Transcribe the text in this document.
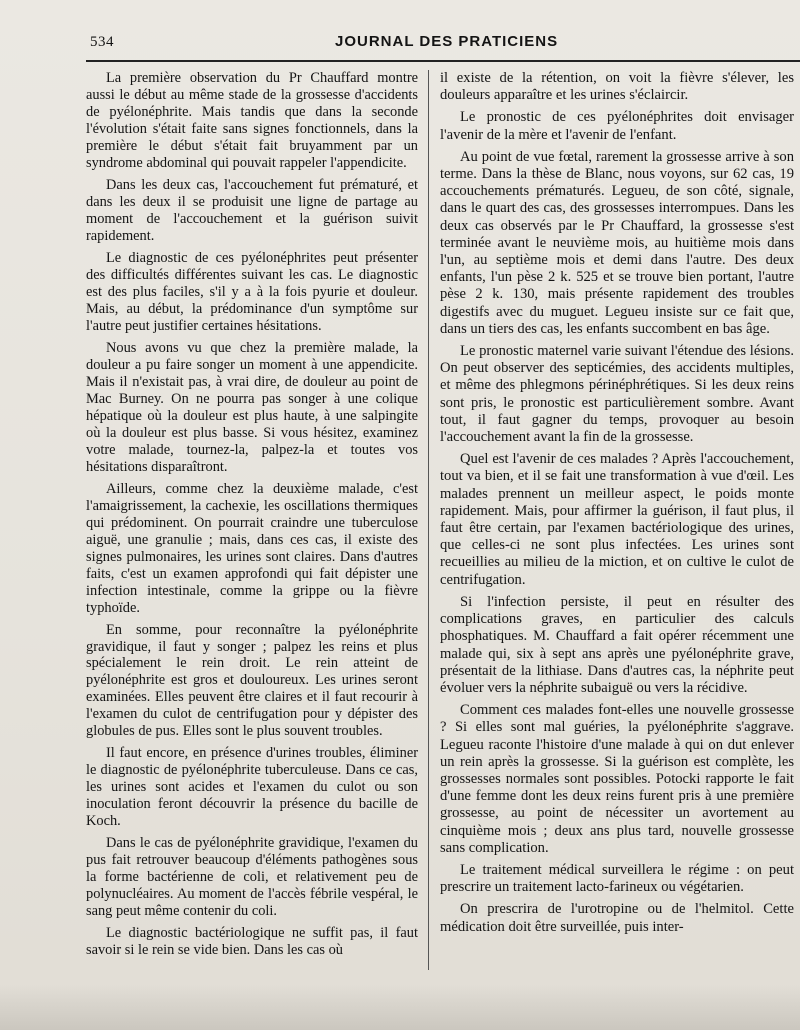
534	JOURNAL DES PRATICIENS

La première observation du Pr Chauffard montre aussi le début au même stade de la grossesse d'accidents de pyélonéphrite. Mais tandis que dans la seconde l'évolution s'était faite sans signes fonctionnels, dans la première le début s'était fait bruyamment par un syndrome abdominal qui pouvait rappeler l'appendicite.

Dans les deux cas, l'accouchement fut prématuré, et dans les deux il se produisit une ligne de partage au moment de l'accouchement et la guérison suivit rapidement.

Le diagnostic de ces pyélonéphrites peut présenter des difficultés différentes suivant les cas. Le diagnostic est des plus faciles, s'il y a à la fois pyurie et douleur. Mais, au début, la prédominance d'un symptôme sur l'autre peut justifier certaines hésitations.

Nous avons vu que chez la première malade, la douleur a pu faire songer un moment à une appendicite. Mais il n'existait pas, à vrai dire, de douleur au point de Mac Burney. On ne pourra pas songer à une colique hépatique où la douleur est plus haute, à une salpingite où la douleur est plus basse. Si vous hésitez, examinez votre malade, tournez-la, palpez-la et toutes vos hésitations disparaîtront.

Ailleurs, comme chez la deuxième malade, c'est l'amaigrissement, la cachexie, les oscillations thermiques qui prédominent. On pourrait craindre une tuberculose aiguë, une granulie ; mais, dans ces cas, il existe des signes pulmonaires, les urines sont claires. Dans d'autres faits, c'est un examen approfondi qui fait dépister une infection intestinale, comme la grippe ou la fièvre typhoïde.

En somme, pour reconnaître la pyélonéphrite gravidique, il faut y songer ; palpez les reins et plus spécialement le rein droit. Le rein atteint de pyélonéphrite est gros et douloureux. Les urines seront examinées. Elles peuvent être claires et il faut recourir à l'examen du culot de centrifugation pour y dépister des globules de pus. Elles sont le plus souvent troubles.

Il faut encore, en présence d'urines troubles, éliminer le diagnostic de pyélonéphrite tuberculeuse. Dans ce cas, les urines sont acides et l'examen du culot ou son inoculation feront découvrir la présence du bacille de Koch.

Dans le cas de pyélonéphrite gravidique, l'examen du pus fait retrouver beaucoup d'éléments pathogènes sous la forme bactérienne de coli, et relativement peu de polynucléaires. Au moment de l'accès fébrile vespéral, le sang peut même contenir du coli.

Le diagnostic bactériologique ne suffit pas, il faut savoir si le rein se vide bien. Dans les cas où

il existe de la rétention, on voit la fièvre s'élever, les douleurs apparaître et les urines s'éclaircir.

Le pronostic de ces pyélonéphrites doit envisager l'avenir de la mère et l'avenir de l'enfant.

Au point de vue fœtal, rarement la grossesse arrive à son terme. Dans la thèse de Blanc, nous voyons, sur 62 cas, 19 accouchements prématurés. Legueu, de son côté, signale, dans le quart des cas, des grossesses interrompues. Dans les deux cas observés par le Pr Chauffard, la grossesse s'est terminée avant le neuvième mois, au huitième mois dans l'un, au septième mois et demi dans l'autre. Des deux enfants, l'un pèse 2 k. 525 et se trouve bien portant, l'autre pèse 2 k. 130, mais présente rapidement des troubles digestifs avec du muguet. Legueu insiste sur ce fait que, dans un tiers des cas, les enfants succombent en bas âge.

Le pronostic maternel varie suivant l'étendue des lésions. On peut observer des septicémies, des accidents multiples, et même des phlegmons périnéphrétiques. Si les deux reins sont pris, le pronostic est particulièrement sombre. Avant tout, il faut gagner du temps, provoquer au besoin l'accouchement avant la fin de la grossesse.

Quel est l'avenir de ces malades ? Après l'accouchement, tout va bien, et il se fait une transformation à vue d'œil. Les malades prennent un meilleur aspect, le poids monte rapidement. Mais, pour affirmer la guérison, il faut plus, il faut être certain, par l'examen bactériologique des urines, que celles-ci ne sont plus infectées. Les urines sont recueillies au milieu de la miction, et on cultive le culot de centrifugation.

Si l'infection persiste, il peut en résulter des complications graves, en particulier des calculs phosphatiques. M. Chauffard a fait opérer récemment une malade qui, six à sept ans après une pyélonéphrite grave, présentait de la lithiase. Dans d'autres cas, la néphrite peut évoluer vers la néphrite subaiguë ou vers la récidive.

Comment ces malades font-elles une nouvelle grossesse ? Si elles sont mal guéries, la pyélonéphrite s'aggrave. Legueu raconte l'histoire d'une malade à qui on dut enlever un rein après la grossesse. Si la guérison est complète, les grossesses normales sont possibles. Potocki rapporte le fait d'une femme dont les deux reins furent pris à une première grossesse, au point de nécessiter un avortement au cinquième mois ; deux ans plus tard, nouvelle grossesse sans complication.

Le traitement médical surveillera le régime : on peut prescrire un traitement lacto-farineux ou végétarien.

On prescrira de l'urotropine ou de l'helmitol. Cette médication doit être surveillée, puis inter-
